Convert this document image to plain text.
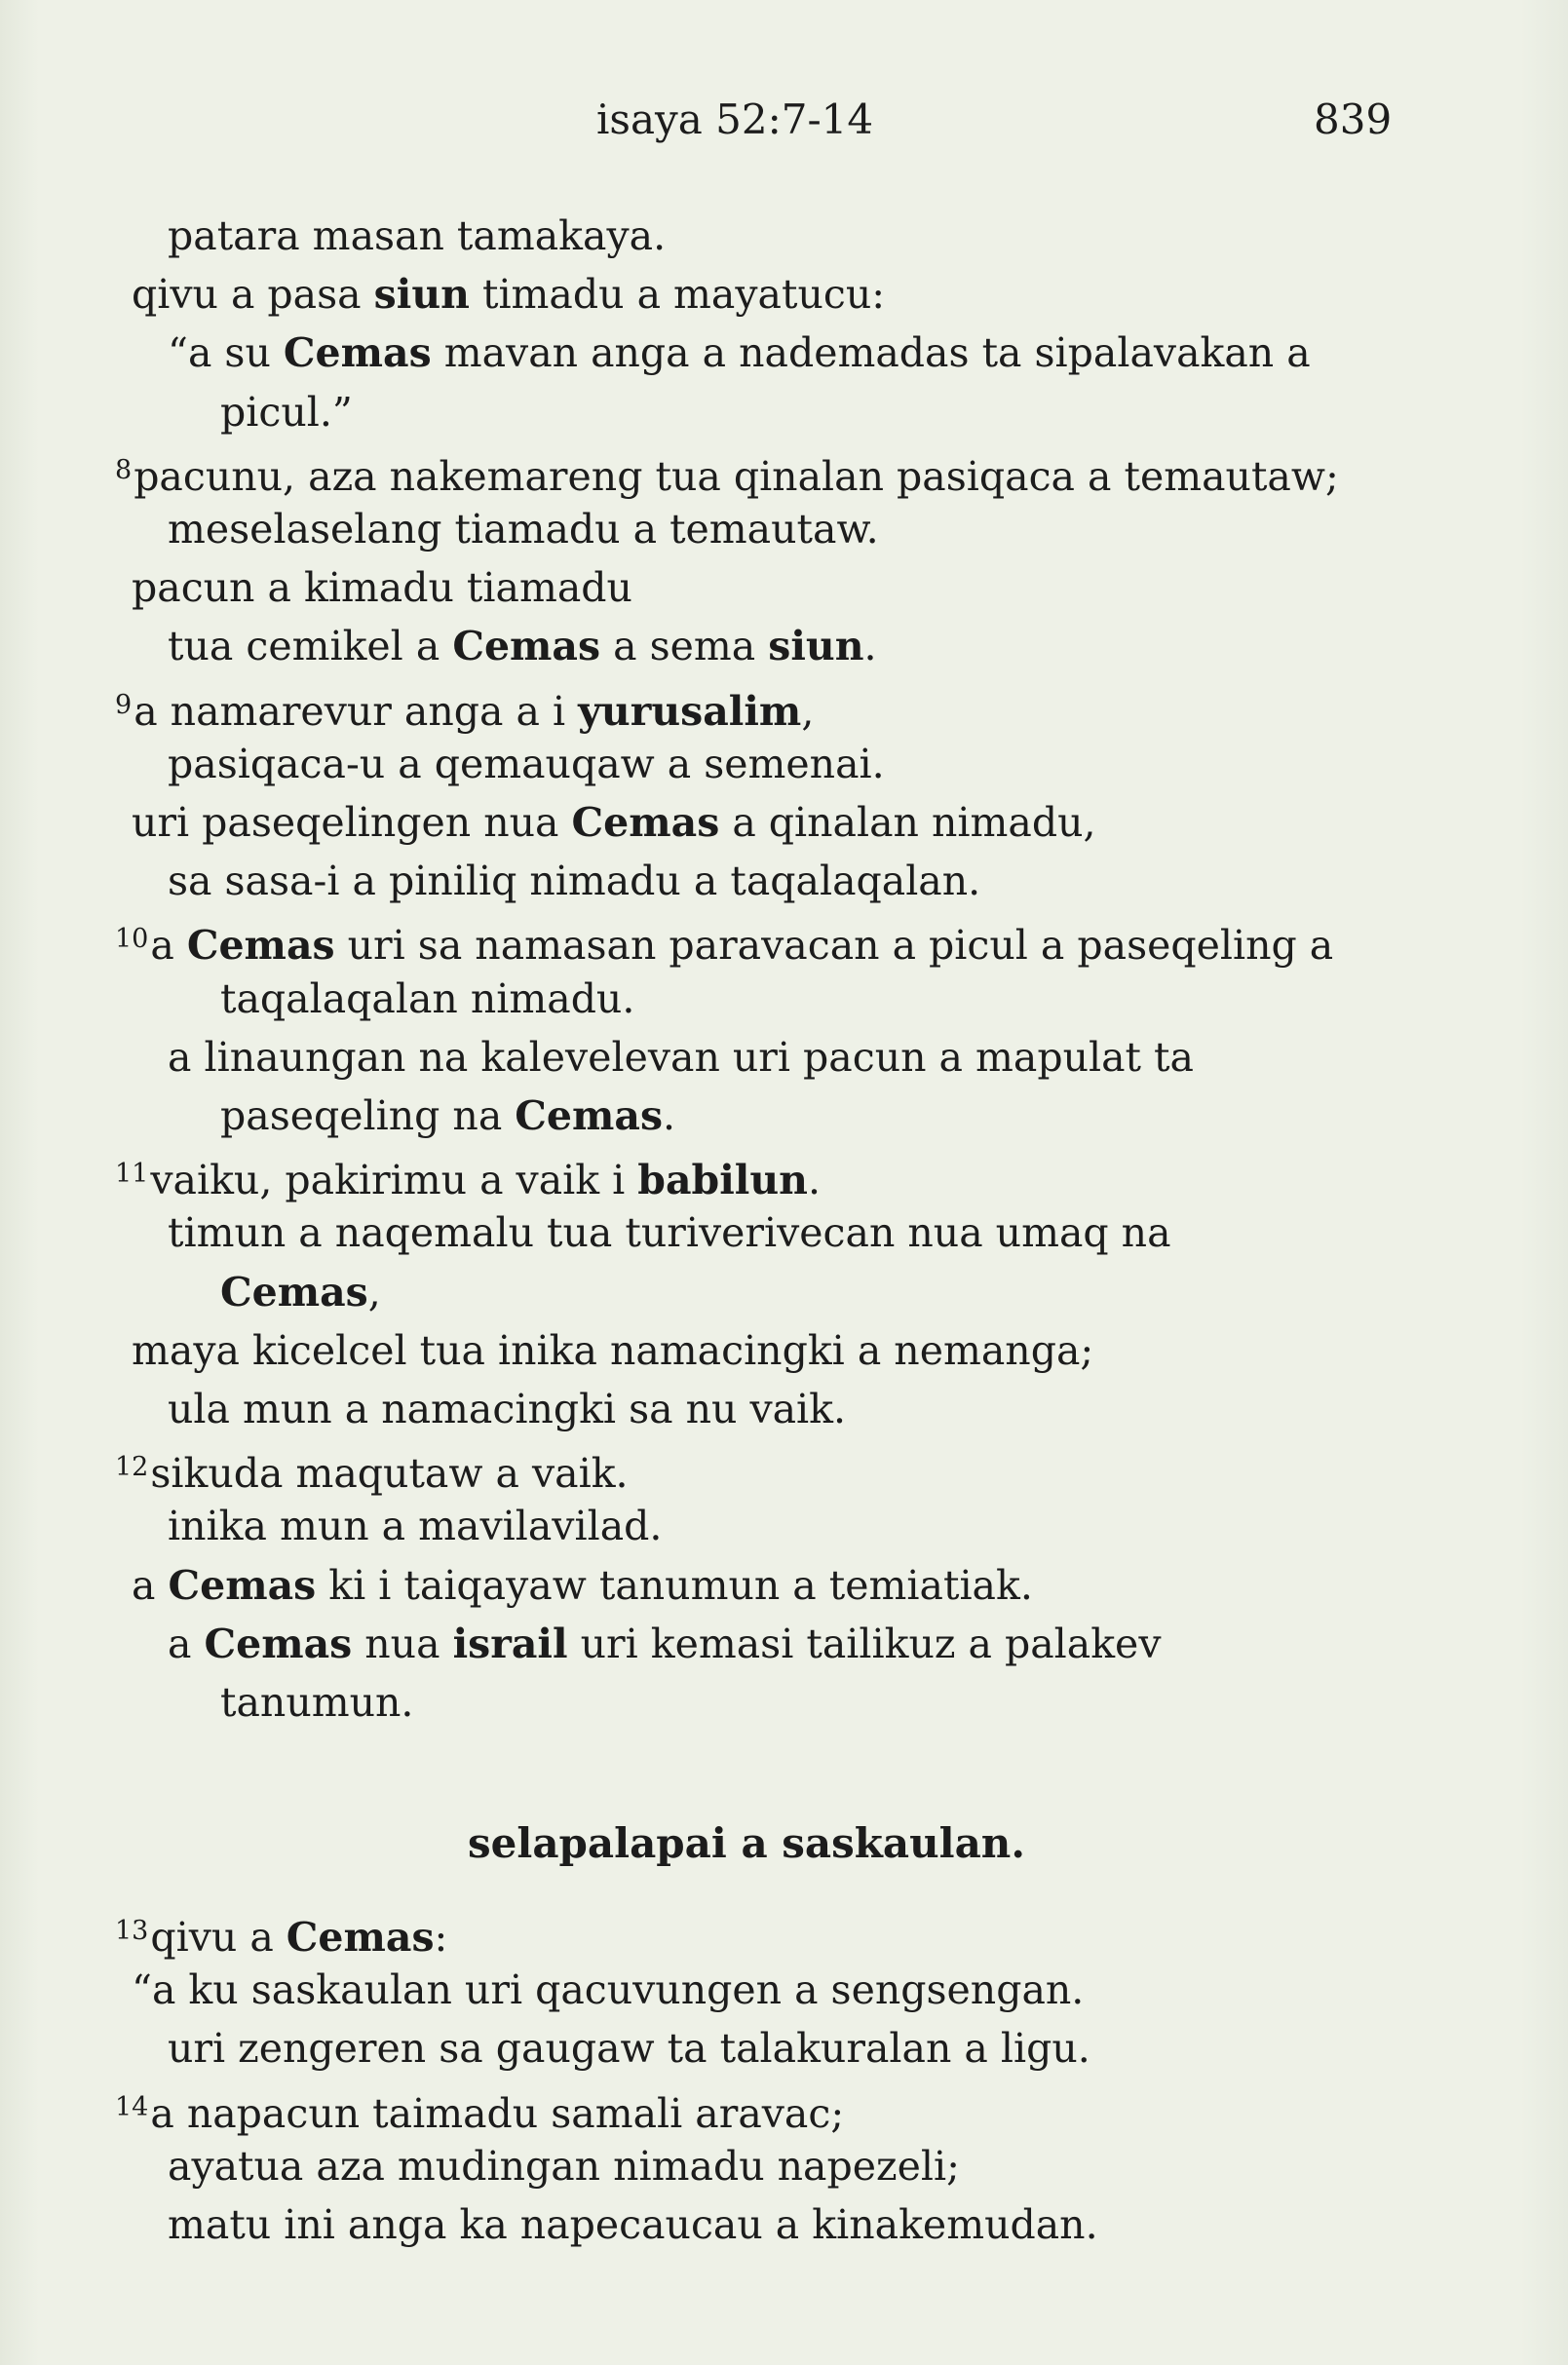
isaya 52:7-14	839
patara masan tamakaya.
qivu a pasa siun timadu a mayatucu:
“a su Cemas mavan anga a nademadas ta sipalavakan a
picul.”
$^8$pacunu, aza nakemareng tua qinalan pasiqaca a temautaw;
meselaselang tiamadu a temautaw.
pacun a kimadu tiamadu
tua cemikel a Cemas a sema siun.
$^9$a namarevur anga a i yurusalim,
pasiqaca-u a qemauqaw a semenai.
uri paseqelingen nua Cemas a qinalan nimadu,
sa sasa-i a piniliq nimadu a taqalaqalan.
$^{10}$a Cemas uri sa namasan paravacan a picul a paseqeling a
taqalaqalan nimadu.
a linaungan na kalevelevan uri pacun a mapulat ta
paseqeling na Cemas.
$^{11}$vaiku, pakirimu a vaik i babilun.
timun a naqemalu tua turiverivecan nua umaq na
Cemas,
maya kicelcel tua inika namacingki a nemanga;
ula mun a namacingki sa nu vaik.
$^{12}$sikuda maqutaw a vaik.
inika mun a mavilavilad.
a Cemas ki i taiqayaw tanumun a temiatiak.
a Cemas nua israil uri kemasi tailikuz a palakev
tanumun.
selapalapai a saskaulan.
$^{13}$qivu a Cemas:
“a ku saskaulan uri qacuvungen a sengsengan.
uri zengeren sa gaugaw ta talakuralan a ligu.
$^{14}$a napacun taimadu samali aravac;
ayatua aza mudingan nimadu napezeli;
matu ini anga ka napecaucau a kinakemudan.
